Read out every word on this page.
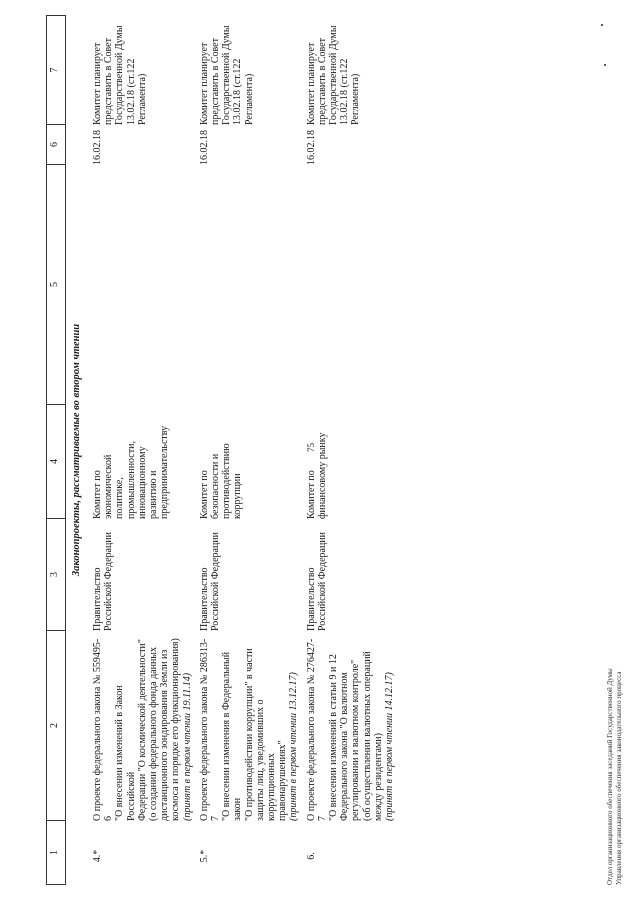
75
Отдел организационного обеспечения заседаний Государственной Думы Управления организационного обеспечения законодательного процесса
1
2
3
4
5
6
7
Законопроекты, рассматриваемые во втором чтении
4.*
О проекте федерального закона № 559495-6 "О внесении изменений в Закон Российской Федерации "О космической деятельности" (о создании федерального фонда данных дистанционного зондирования Земли из космоса и порядке его функционирования) (принят в первом чтении 19.11.14)
Правительство Российской Федерации
Комитет по экономической политике, промышленности, инновационному развитию и предпринимательству
16.02.18
Комитет планирует представить в Совет Государственной Думы 13.02.18 (ст.122 Регламента)
5.*
О проекте федерального закона № 286313-7 "О внесении изменения в Федеральный закон "О противодействии коррупции" в части защиты лиц, уведомивших о коррупционных правонарушениях" (принят в первом чтении 13.12.17)
Правительство Российской Федерации
Комитет по безопасности и противодействию коррупции
16.02.18
Комитет планирует представить в Совет Государственной Думы 13.02.18 (ст.122 Регламента)
6.
О проекте федерального закона № 276427-7 "О внесении изменений в статьи 9 и 12 Федерального закона "О валютном регулировании и валютном контроле" (об осуществлении валютных операций между резидентами) (принят в первом чтении 14.12.17)
Правительство Российской Федерации
Комитет по финансовому рынку
16.02.18
Комитет планирует представить в Совет Государственной Думы 13.02.18 (ст.122 Регламента)
